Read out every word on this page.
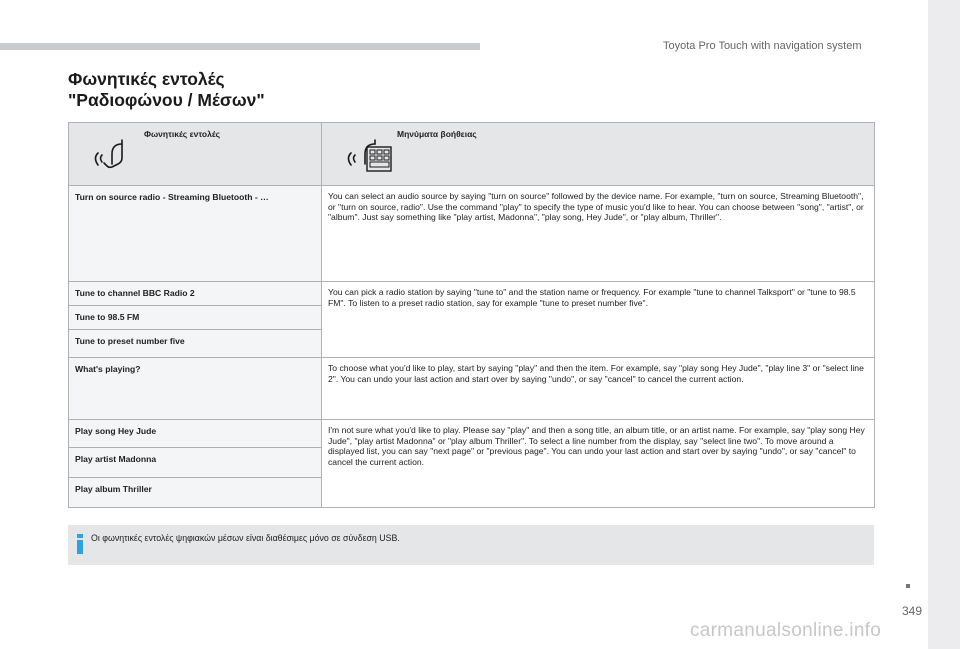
Toyota Pro Touch with navigation system
Φωνητικές εντολές
"Ραδιοφώνου / Μέσων"
Φωνητικές εντολές	Μηνύματα βοήθειας

Turn on source radio - Streaming Bluetooth - …	You can select an audio source by saying "turn on source" followed by the device name. For example, "turn on source, Streaming Bluetooth", or "turn on source, radio". Use the command "play" to specify the type of music you'd like to hear. You can choose between "song", "artist", or "album". Just say something like "play artist, Madonna", "play song, Hey Jude", or "play album, Thriller".
Tune to channel BBC Radio 2	You can pick a radio station by saying "tune to" and the station name or frequency. For example "tune to channel Talksport" or "tune to 98.5 FM". To listen to a preset radio station, say for example "tune to preset number five".
Tune to 98.5 FM	
Tune to preset number five	
What's playing?	To choose what you'd like to play, start by saying "play" and then the item. For example, say "play song Hey Jude", "play line 3" or "select line 2". You can undo your last action and start over by saying "undo", or say "cancel" to cancel the current action.
Play song Hey Jude	I'm not sure what you'd like to play. Please say "play" and then a song title, an album title, or an artist name. For example, say "play song Hey Jude", "play artist Madonna" or "play album Thriller". To select a line number from the display, say "select line two". To move around a displayed list, you can say "next page" or "previous page". You can undo your last action and start over by saying "undo", or say "cancel" to cancel the current action.
Play artist Madonna	
Play album Thriller	
Οι φωνητικές εντολές ψηφιακών μέσων είναι διαθέσιμες μόνο σε σύνδεση USB.
349
carmanualsonline.info
